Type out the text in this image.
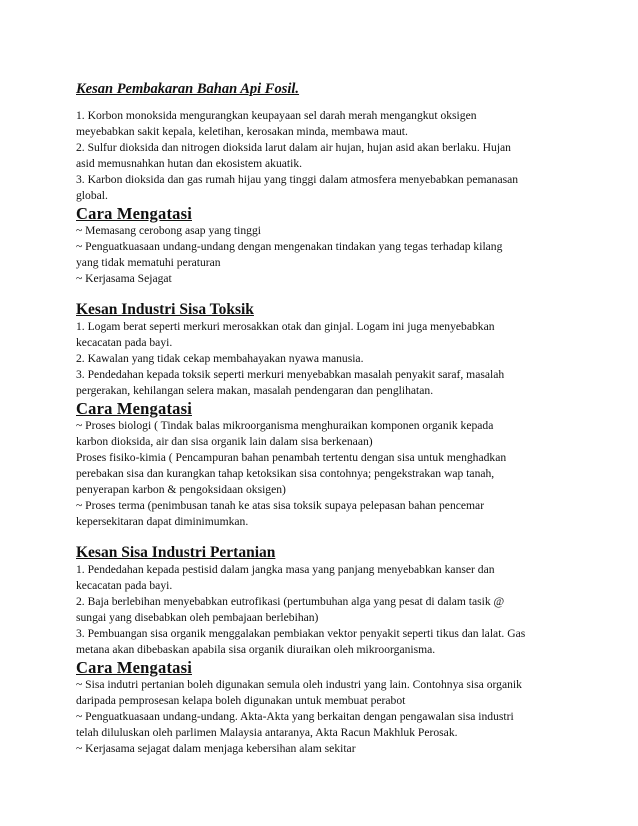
Kesan Pembakaran Bahan Api Fosil.
1. Korbon monoksida mengurangkan keupayaan sel darah merah mengangkut oksigen
meyebabkan sakit kepala, keletihan, kerosakan minda, membawa maut.
2. Sulfur dioksida dan nitrogen dioksida larut dalam air hujan, hujan asid akan berlaku. Hujan
asid memusnahkan hutan dan ekosistem akuatik.
3. Karbon dioksida dan gas rumah hijau yang tinggi dalam atmosfera menyebabkan pemanasan
global.
Cara Mengatasi
~ Memasang cerobong asap yang tinggi
~ Penguatkuasaan undang-undang dengan mengenakan tindakan yang tegas terhadap kilang
yang tidak mematuhi peraturan
~ Kerjasama Sejagat
Kesan Industri Sisa Toksik
1. Logam berat seperti merkuri merosakkan otak dan ginjal. Logam ini juga menyebabkan
kecacatan pada bayi.
2. Kawalan yang tidak cekap membahayakan nyawa manusia.
3. Pendedahan kepada toksik seperti merkuri menyebabkan masalah penyakit saraf, masalah
pergerakan, kehilangan selera makan, masalah pendengaran dan penglihatan.
Cara Mengatasi
~ Proses biologi ( Tindak balas mikroorganisma menghuraikan komponen organik kepada
karbon dioksida, air dan sisa organik lain dalam sisa berkenaan)
Proses fisiko-kimia ( Pencampuran bahan penambah tertentu dengan sisa untuk menghadkan
perebakan sisa dan kurangkan tahap ketoksikan sisa contohnya; pengekstrakan wap tanah,
penyerapan karbon & pengoksidaan oksigen)
~ Proses terma (penimbusan tanah ke atas sisa toksik supaya pelepasan bahan pencemar
kepersekitaran dapat diminimumkan.
Kesan Sisa Industri Pertanian
1. Pendedahan kepada pestisid dalam jangka masa yang panjang menyebabkan kanser dan
kecacatan pada bayi.
2. Baja berlebihan menyebabkan eutrofikasi (pertumbuhan alga yang pesat di dalam tasik @
sungai yang disebabkan oleh pembajaan berlebihan)
3. Pembuangan sisa organik menggalakan pembiakan vektor penyakit seperti tikus dan lalat. Gas
metana akan dibebaskan apabila sisa organik diuraikan oleh mikroorganisma.
Cara Mengatasi
~ Sisa indutri pertanian boleh digunakan semula oleh industri yang lain. Contohnya sisa organik
daripada pemprosesan kelapa boleh digunakan untuk membuat perabot
~ Penguatkuasaan undang-undang. Akta-Akta yang berkaitan dengan pengawalan sisa industri
telah diluluskan oleh parlimen Malaysia antaranya, Akta Racun Makhluk Perosak.
~ Kerjasama sejagat dalam menjaga kebersihan alam sekitar
